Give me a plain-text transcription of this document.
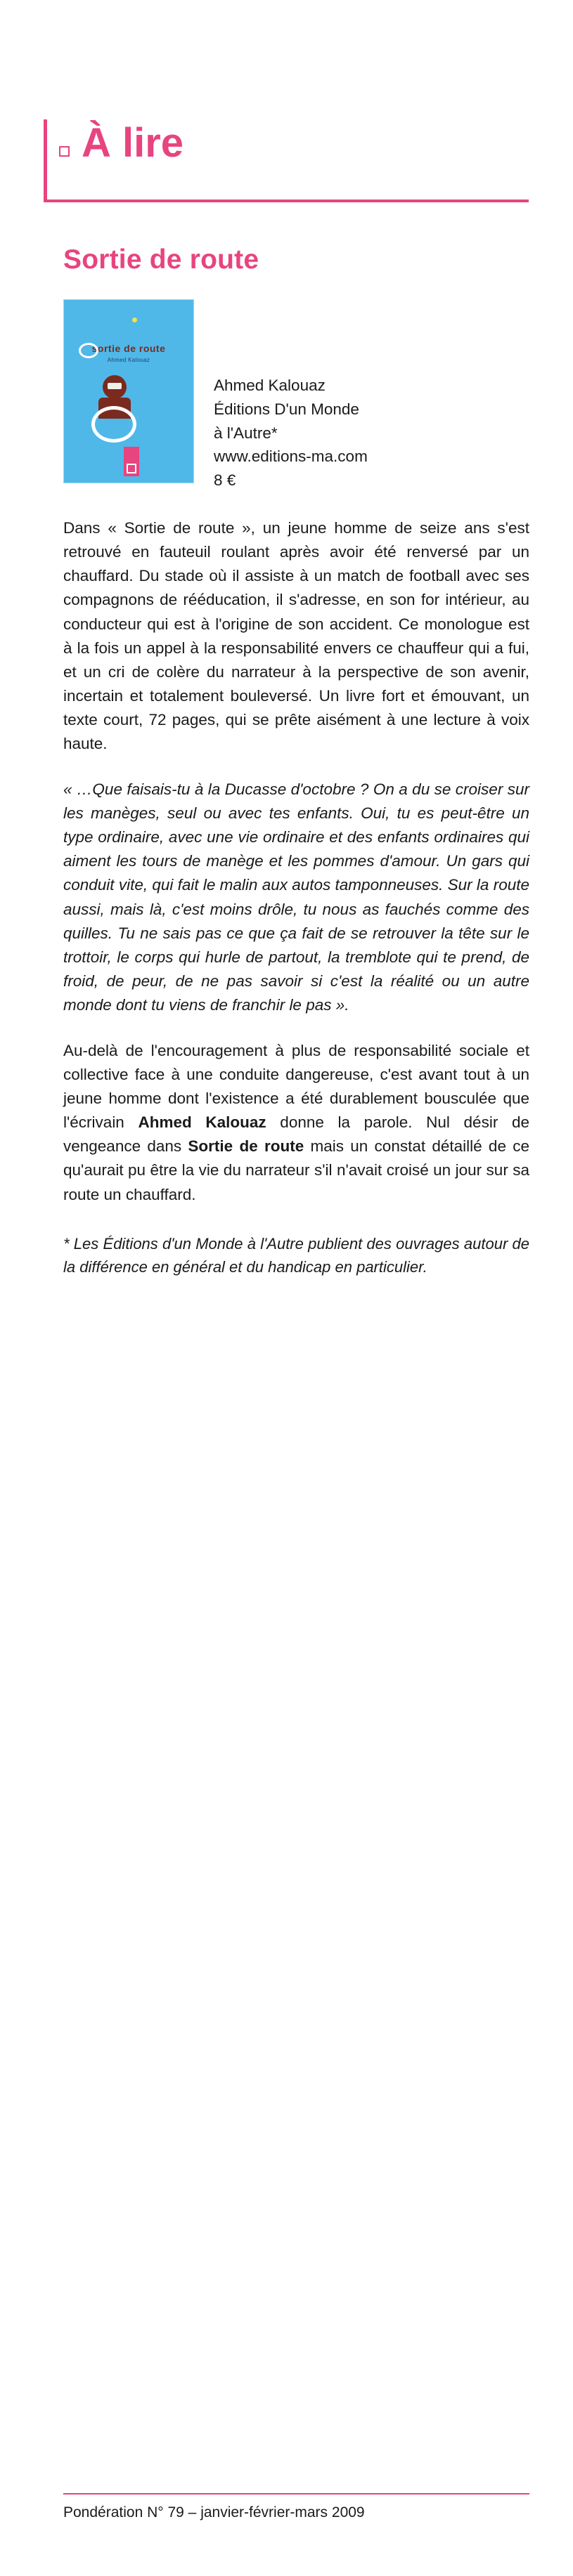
À lire
Sortie de route
sortie de route
Ahmed Kalouaz
Ahmed Kalouaz
Éditions D'un Monde
à l'Autre*
www.editions-ma.com
8 €

Dans « Sortie de route », un jeune homme de seize ans s'est retrouvé en fauteuil roulant après avoir été renversé par un chauffard. Du stade où il assiste à un match de football avec ses compagnons de rééducation, il s'adresse, en son for intérieur, au conducteur qui est à l'origine de son accident. Ce monologue est à la fois un appel à la responsabilité envers ce chauffeur qui a fui, et un cri de colère du narrateur à la perspective de son avenir, incertain et totalement bouleversé. Un livre fort et émouvant, un texte court, 72 pages, qui se prête aisément à une lecture à voix haute.

« …Que faisais-tu à la Ducasse d'octobre ? On a du se croiser sur les manèges, seul ou avec tes enfants. Oui, tu es peut-être un type ordinaire, avec une vie ordinaire et des enfants ordinaires qui aiment les tours de manège et les pommes d'amour. Un gars qui conduit vite, qui fait le malin aux autos tamponneuses. Sur la route aussi, mais là, c'est moins drôle, tu nous as fauchés comme des quilles. Tu ne sais pas ce que ça fait de se retrouver la tête sur le trottoir, le corps qui hurle de partout, la tremblote qui te prend, de froid, de peur, de ne pas savoir si c'est la réalité ou un autre monde dont tu viens de franchir le pas ».

Au-delà de l'encouragement à plus de responsabilité sociale et collective face à une conduite dangereuse, c'est avant tout à un jeune homme dont l'existence a été durablement bousculée que l'écrivain Ahmed Kalouaz donne la parole. Nul désir de vengeance dans Sortie de route mais un constat détaillé de ce qu'aurait pu être la vie du narrateur s'il n'avait croisé un jour sur sa route un chauffard.

* Les Éditions d'un Monde à l'Autre publient des ouvrages autour de la différence en général et du handicap en particulier.

Pondération N° 79 – janvier-février-mars 2009
